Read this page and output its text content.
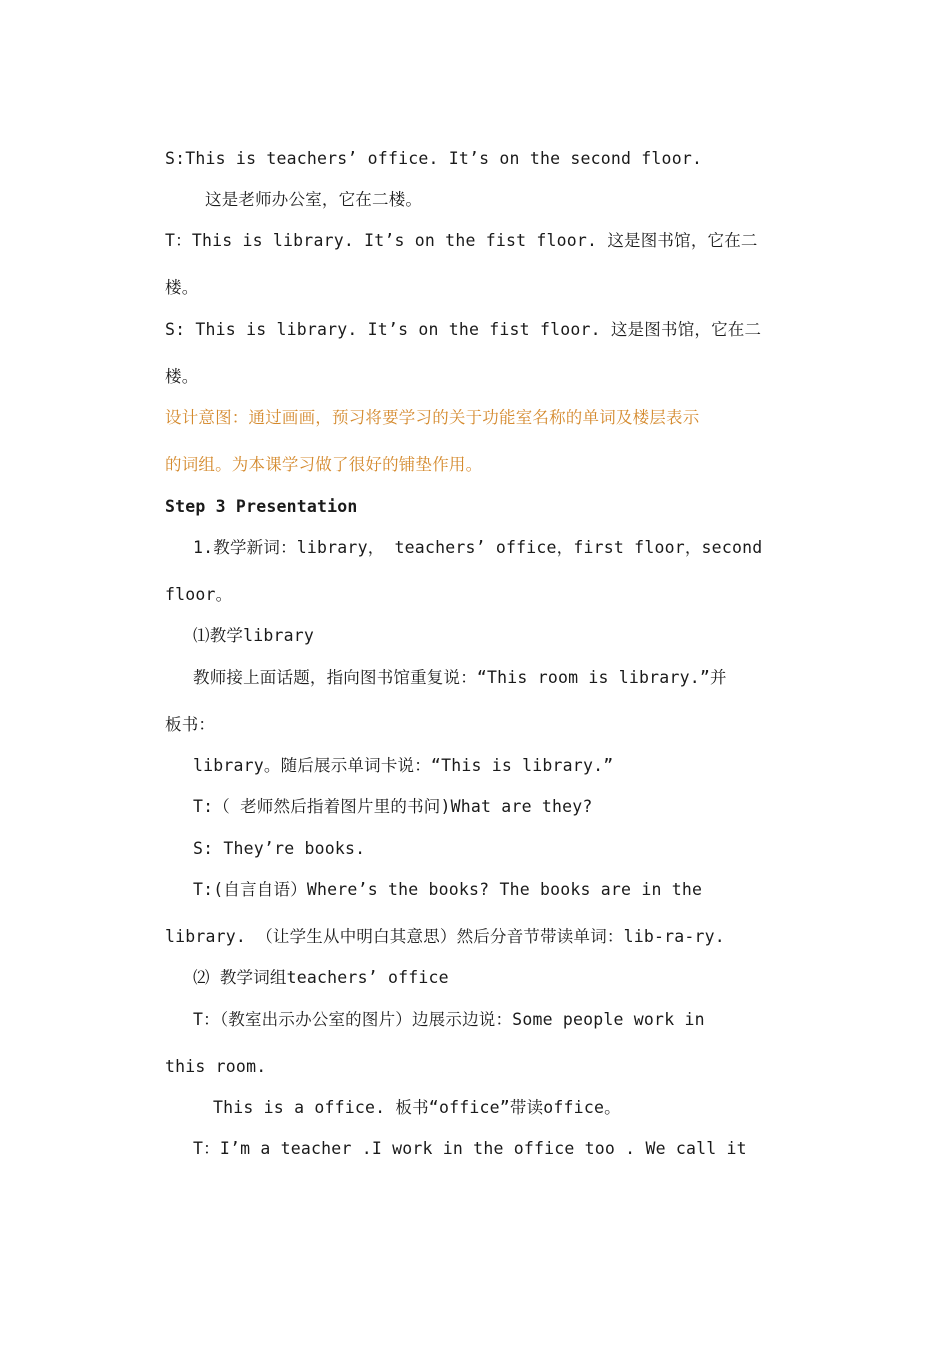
S:This is teachers’ office. It’s on the second floor.
这是老师办公室，它在二楼。
T：This is library. It’s on the fist floor. 这是图书馆，它在二
楼。
S: This is library. It’s on the fist floor. 这是图书馆，它在二
楼。
设计意图：通过画画，预习将要学习的关于功能室名称的单词及楼层表示
的词组。为本课学习做了很好的铺垫作用。
Step 3 Presentation
1.教学新词：library， teachers’ office，first floor，second
floor。
⑴教学library
教师接上面话题，指向图书馆重复说：“This room is library.”并
板书：
library。随后展示单词卡说：“This is library.”
T:（ 老师然后指着图片里的书问)What are they?
S: They’re books.
T:(自言自语）Where’s the books? The books are in the
library. （让学生从中明白其意思）然后分音节带读单词：lib-ra-ry.
⑵ 教学词组teachers’ office
T：（教室出示办公室的图片）边展示边说：Some people work in
this room.
This is a office. 板书“office”带读office。
T：I’m a teacher .I work in the office too . We call it
